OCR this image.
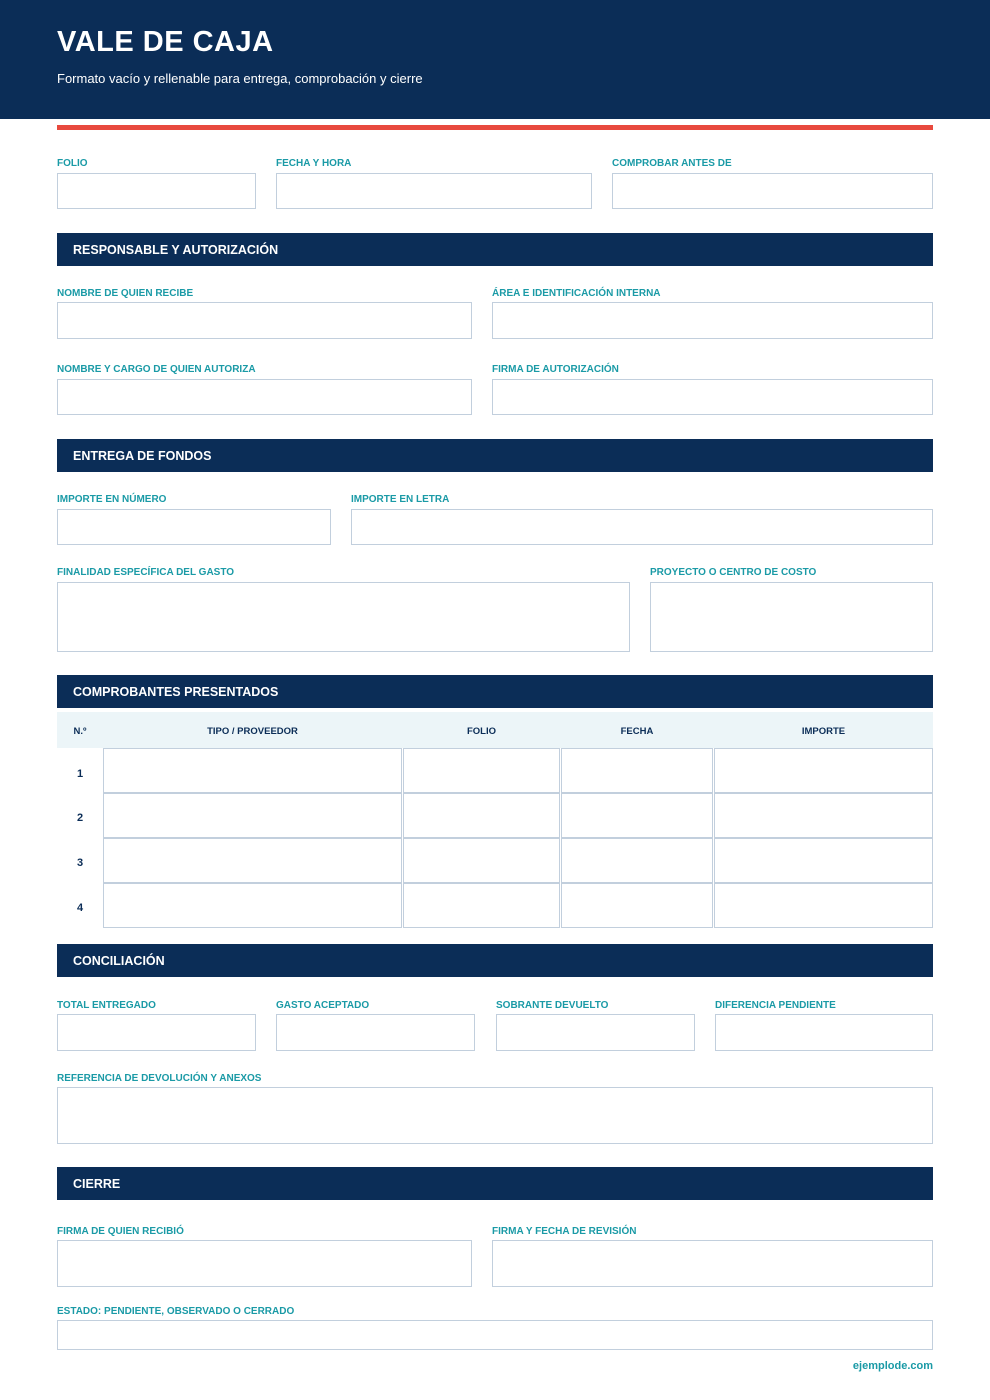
VALE DE CAJA
Formato vacío y rellenable para entrega, comprobación y cierre
FOLIO	FECHA Y HORA	COMPROBAR ANTES DE
RESPONSABLE Y AUTORIZACIÓN
NOMBRE DE QUIEN RECIBE	ÁREA E IDENTIFICACIÓN INTERNA
NOMBRE Y CARGO DE QUIEN AUTORIZA	FIRMA DE AUTORIZACIÓN
ENTREGA DE FONDOS
IMPORTE EN NÚMERO	IMPORTE EN LETRA
FINALIDAD ESPECÍFICA DEL GASTO	PROYECTO O CENTRO DE COSTO
COMPROBANTES PRESENTADOS
N.º	TIPO / PROVEEDOR	FOLIO	FECHA	IMPORTE
1
2
3
4
CONCILIACIÓN
TOTAL ENTREGADO	GASTO ACEPTADO	SOBRANTE DEVUELTO	DIFERENCIA PENDIENTE
REFERENCIA DE DEVOLUCIÓN Y ANEXOS
CIERRE
FIRMA DE QUIEN RECIBIÓ	FIRMA Y FECHA DE REVISIÓN
ESTADO: PENDIENTE, OBSERVADO O CERRADO
ejemplode.com
